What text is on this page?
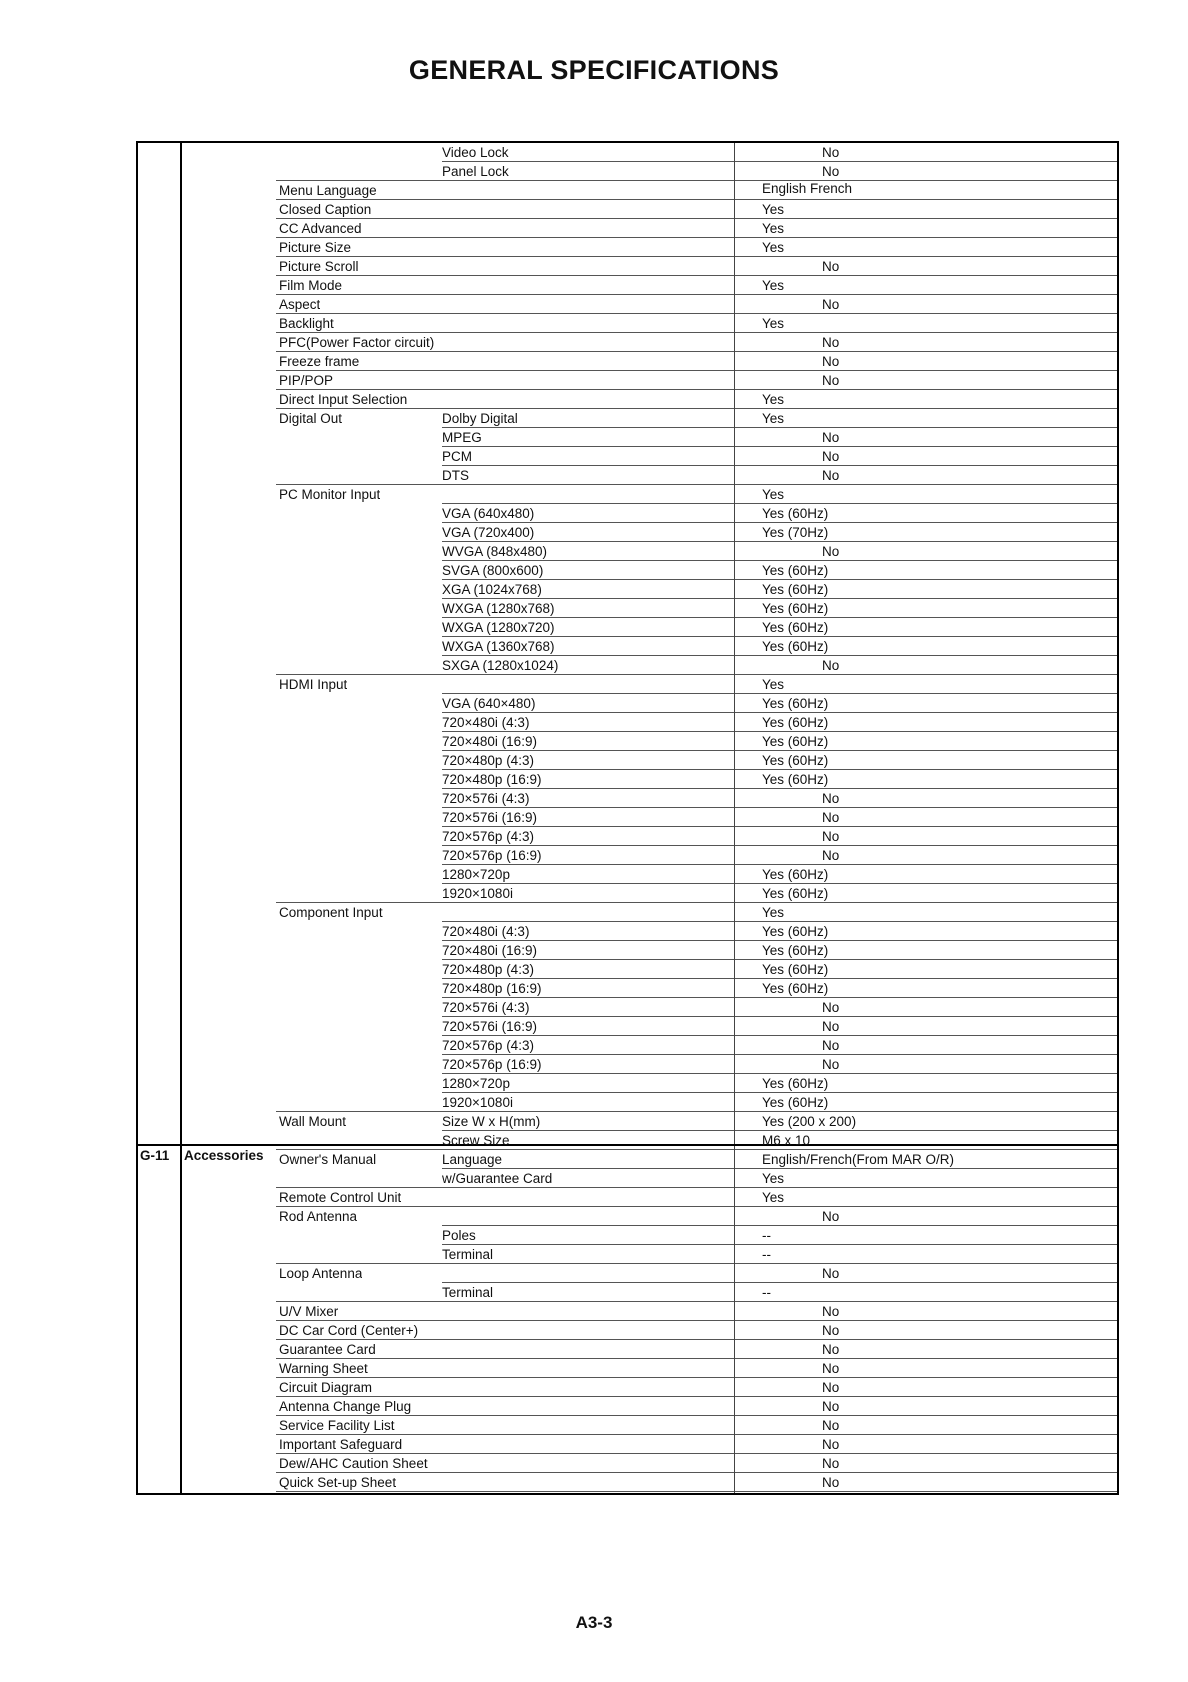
GENERAL SPECIFICATIONS
G-11 Accessories
Video Lock	No
Panel Lock	No
Menu Language	English French
Closed Caption	Yes
CC Advanced	Yes
Picture Size	Yes
Picture Scroll	No
Film Mode	Yes
Aspect	No
Backlight	Yes
PFC(Power Factor circuit)	No
Freeze frame	No
PIP/POP	No
Direct Input Selection	Yes
Digital Out	Dolby Digital	Yes
MPEG	No
PCM	No
DTS	No
PC Monitor Input	Yes
VGA (640x480)	Yes (60Hz)
VGA (720x400)	Yes (70Hz)
WVGA (848x480)	No
SVGA (800x600)	Yes (60Hz)
XGA (1024x768)	Yes (60Hz)
WXGA (1280x768)	Yes (60Hz)
WXGA (1280x720)	Yes (60Hz)
WXGA (1360x768)	Yes (60Hz)
SXGA (1280x1024)	No
HDMI Input	Yes
VGA (640×480)	Yes (60Hz)
720×480i (4:3)	Yes (60Hz)
720×480i (16:9)	Yes (60Hz)
720×480p (4:3)	Yes (60Hz)
720×480p (16:9)	Yes (60Hz)
720×576i (4:3)	No
720×576i (16:9)	No
720×576p (4:3)	No
720×576p (16:9)	No
1280×720p	Yes (60Hz)
1920×1080i	Yes (60Hz)
Component Input	Yes
720×480i (4:3)	Yes (60Hz)
720×480i (16:9)	Yes (60Hz)
720×480p (4:3)	Yes (60Hz)
720×480p (16:9)	Yes (60Hz)
720×576i (4:3)	No
720×576i (16:9)	No
720×576p (4:3)	No
720×576p (16:9)	No
1280×720p	Yes (60Hz)
1920×1080i	Yes (60Hz)
Wall Mount	Size W x H(mm)	Yes (200 x 200)
Screw Size	M6 x 10
Owner's Manual	Language	English/French(From MAR O/R)
w/Guarantee Card	Yes
Remote Control Unit	Yes
Rod Antenna	No
Poles	--
Terminal	--
Loop Antenna	No
Terminal	--
U/V Mixer	No
DC Car Cord (Center+)	No
Guarantee Card	No
Warning Sheet	No
Circuit Diagram	No
Antenna Change Plug	No
Service Facility List	No
Important Safeguard	No
Dew/AHC Caution Sheet	No
Quick Set-up Sheet	No
A3-3
